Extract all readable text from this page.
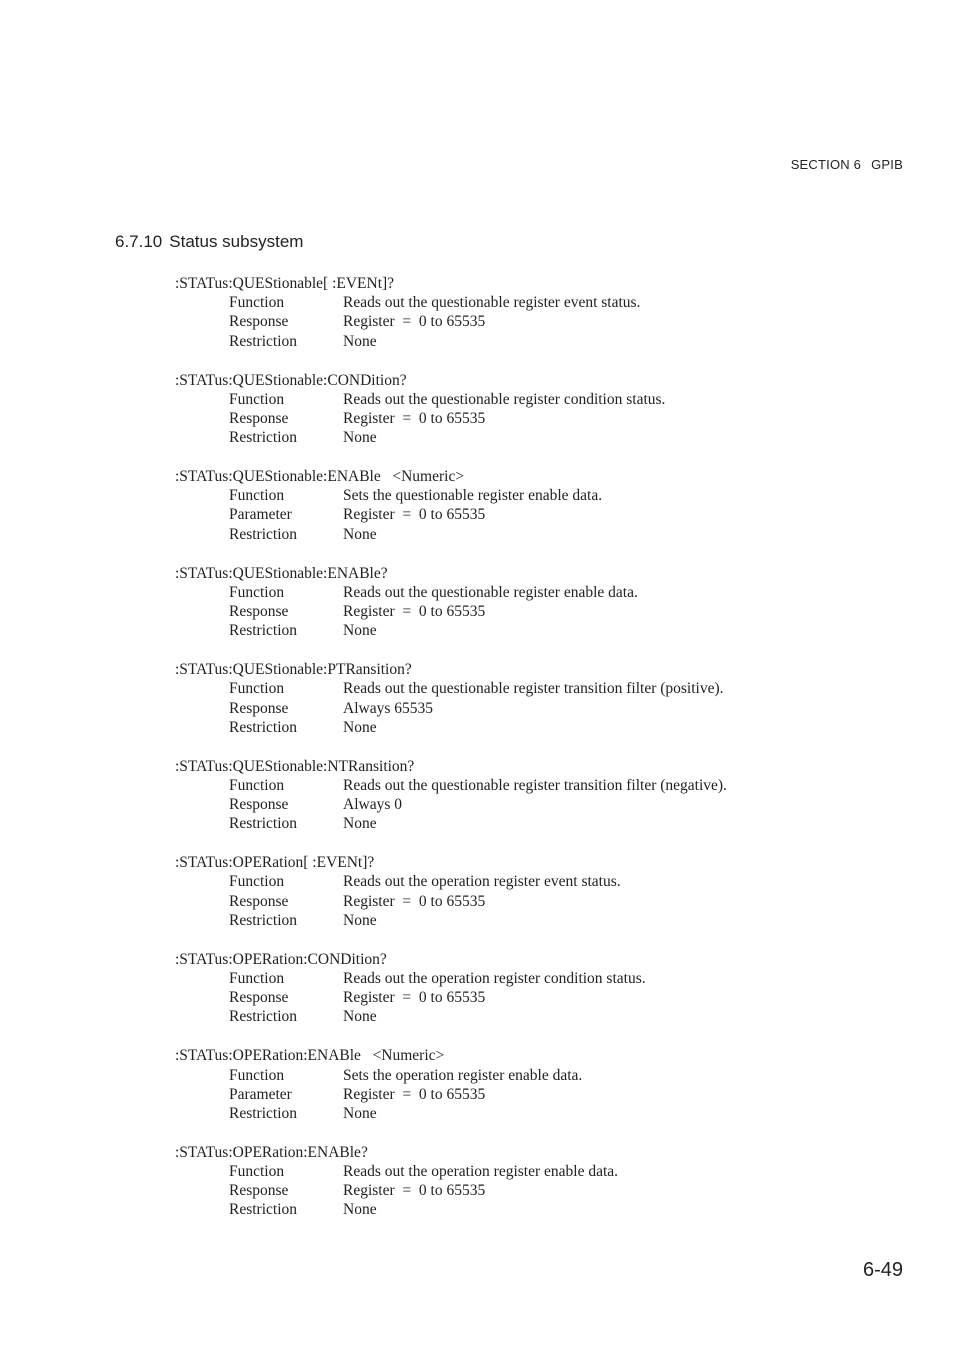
SECTION 6 GPIB
6.7.10 Status subsystem
:STATus:QUEStionable[ :EVENt]?
Function	Reads out the questionable register event status.
Response	Register  =  0 to 65535
Restriction	None
:STATus:QUEStionable:CONDition?
Function	Reads out the questionable register condition status.
Response	Register  =  0 to 65535
Restriction	None
:STATus:QUEStionable:ENABle   <Numeric>
Function	Sets the questionable register enable data.
Parameter	Register  =  0 to 65535
Restriction	None
:STATus:QUEStionable:ENABle?
Function	Reads out the questionable register enable data.
Response	Register  =  0 to 65535
Restriction	None
:STATus:QUEStionable:PTRansition?
Function	Reads out the questionable register transition filter (positive).
Response	Always 65535
Restriction	None
:STATus:QUEStionable:NTRansition?
Function	Reads out the questionable register transition filter (negative).
Response	Always 0
Restriction	None
:STATus:OPERation[ :EVENt]?
Function	Reads out the operation register event status.
Response	Register  =  0 to 65535
Restriction	None
:STATus:OPERation:CONDition?
Function	Reads out the operation register condition status.
Response	Register  =  0 to 65535
Restriction	None
:STATus:OPERation:ENABle   <Numeric>
Function	Sets the operation register enable data.
Parameter	Register  =  0 to 65535
Restriction	None
:STATus:OPERation:ENABle?
Function	Reads out the operation register enable data.
Response	Register  =  0 to 65535
Restriction	None
6-49
